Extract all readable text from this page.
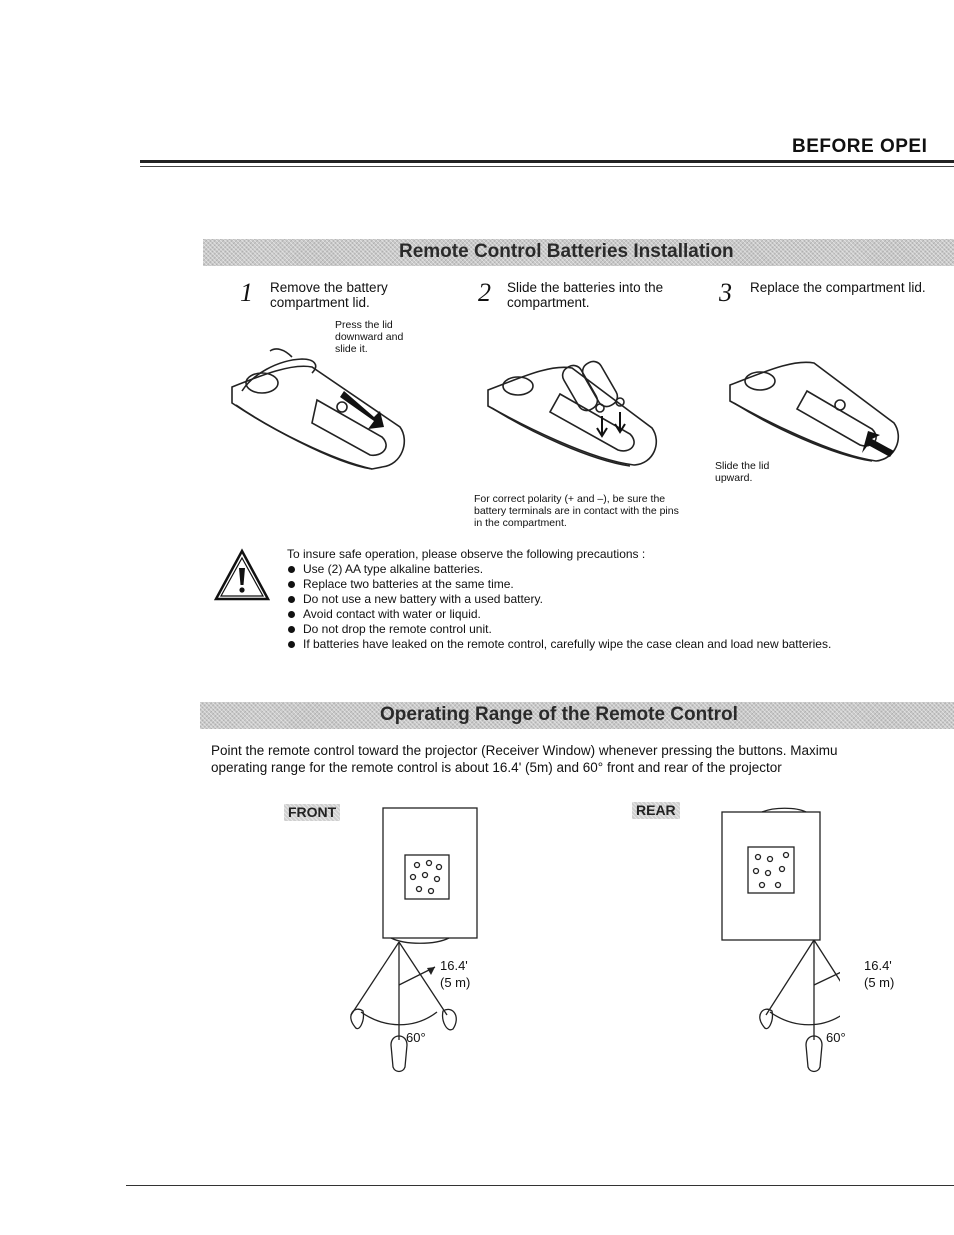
BEFORE OPEI
Remote Control Batteries Installation
1 Remove the battery compartment lid.	2 Slide the batteries into the compartment.	3 Replace the compartment lid.
Press the lid downward and slide it.
For correct polarity (+ and –), be sure the battery terminals are in contact with the pins in the compartment.
Slide the lid upward.
To insure safe operation, please observe the following precautions :
Use (2) AA type alkaline batteries.
Replace two batteries at the same time.
Do not use a new battery with a used battery.
Avoid contact with water or liquid.
Do not drop the remote control unit.
If batteries have leaked on the remote control, carefully wipe the case clean and load new batteries.
Operating Range of the Remote Control
Point the remote control toward the projector (Receiver Window) whenever pressing the buttons. Maximu
operating range for the remote control is about 16.4' (5m) and 60° front and rear of the projector
FRONT
16.4'
(5 m)
60°
REAR
16.4'
(5 m)
60°
